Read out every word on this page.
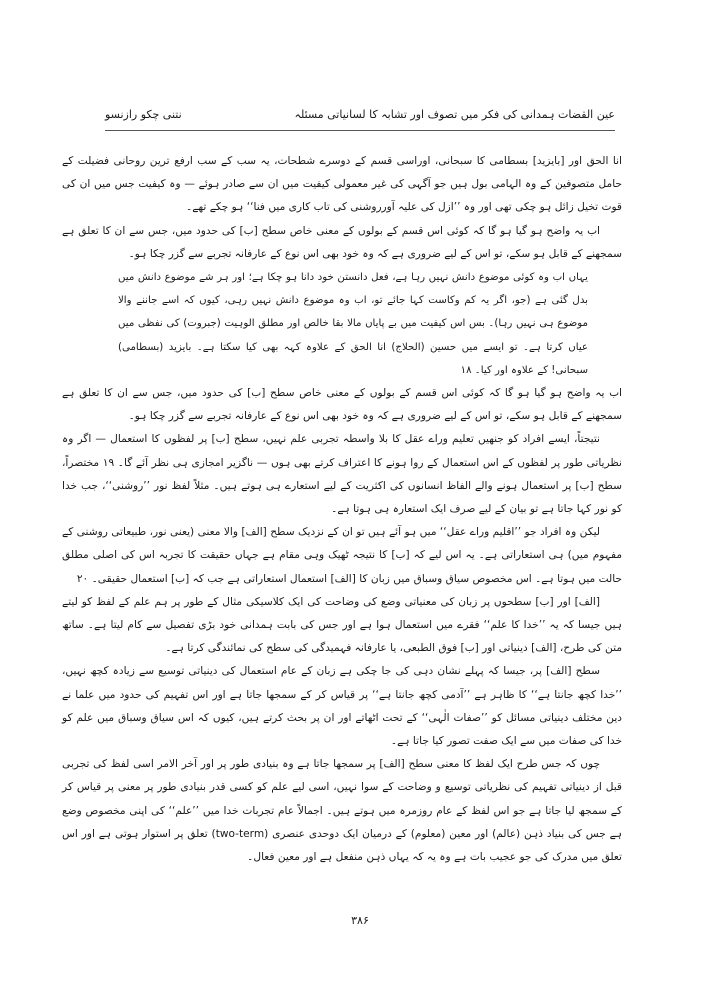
عین القضات ہمدانی کی فکر میں تصوف اور تشابہ کا لسانیاتی مسئلہ
نتنی چکو رازنسو

انا الحق اور [بایزید] بسطامی کا سبحانی، اوراسی قسم کے دوسرے شطحات، یہ سب کے سب ارفع ترین روحانی فضیلت کے حامل متصوفین کے وہ الہامی بول ہیں جو آگہی کی غیر معمولی کیفیت میں ان سے صادر ہوئے — وہ کیفیت جس میں ان کی قوت تخیل زائل ہو چکی تھی اور وہ ’’ازل کی علیہ آورروشنی کی تاب کاری میں فنا‘‘ ہو چکے تھے۔

اب یہ واضح ہو گیا ہو گا کہ کوئی اس قسم کے بولوں کے معنی خاص سطح [ب] کی حدود میں، جس سے ان کا تعلق ہے سمجھنے کے قابل ہو سکے، تو اس کے لیے ضروری ہے کہ وہ خود بھی اس نوع کے عارفانہ تجربے سے گزر چکا ہو۔

یہاں اب وہ کوئی موضوع دانش نہیں رہا ہے، فعل دانستن خود دانا ہو چکا ہے؛ اور ہر شے موضوع دانش میں بدل گئی ہے (جو، اگر یہ کم وکاست کہا جائے تو، اب وہ موضوع دانش نہیں رہی، کیوں کہ اسے جاننے والا موضوع ہی نہیں رہا)۔ بس اس کیفیت میں بے پایاں مالا بقا خالص اور مطلق الوہیت (جبروت) کی نفظی میں عیاں کرتا ہے۔ تو ایسے میں حسین (الحلاج) انا الحق کے علاوہ کہہ بھی کیا سکتا ہے۔ بایزید (بسطامی) سبحانی! کے علاوہ اور کیا۔ ۱۸

اب یہ واضح ہو گیا ہو گا کہ کوئی اس قسم کے بولوں کے معنی خاص سطح [ب] کی حدود میں، جس سے ان کا تعلق ہے سمجھنے کے قابل ہو سکے، تو اس کے لیے ضروری ہے کہ وہ خود بھی اس نوع کے عارفانہ تجربے سے گزر چکا ہو۔

نتیجتاً، ایسے افراد کو جنھیں تعلیم وراے عقل کا بلا واسطہ تجربی علم نہیں، سطح [ب] پر لفظوں کا استعمال — اگر وہ نظریاتی طور پر لفظوں کے اس استعمال کے روا ہونے کا اعتراف کرتے بھی ہوں — ناگزیر امجازی ہی نظر آئے گا۔ ۱۹ مختصراً، سطح [ب] پر استعمال ہونے والے الفاظ انسانوں کی اکثریت کے لیے استعارے ہی ہوتے ہیں۔ مثلاً لفظ نور ’’روشنی‘‘، جب خدا کو نور کہا جاتا ہے تو بیان کے لیے صرف ایک استعارہ ہی ہوتا ہے۔

لیکن وہ افراد جو ’’اقلیم وراے عقل‘‘ میں ہو آئے ہیں تو ان کے نزدیک سطح [الف] والا معنی (یعنی نور، طبیعاتی روشنی کے مفہوم میں) ہی استعاراتی ہے۔ یہ اس لیے کہ [ب] کا نتیجہ ٹھیک وہی مقام ہے جہاں حقیقت کا تجربہ اس کی اصلی مطلق حالت میں ہوتا ہے۔ اس مخصوص سیاق وسباق میں زبان کا [الف] استعمال استعاراتی ہے جب کہ [ب] استعمال حقیقی۔ ۲۰

[الف] اور [ب] سطحوں پر زبان کی معنیاتی وضع کی وضاحت کی ایک کلاسیکی مثال کے طور پر ہم علم کے لفظ کو لیتے ہیں جیسا کہ یہ ’’خدا کا علم‘‘ فقرے میں استعمال ہوا ہے اور جس کی بابت ہمدانی خود بڑی تفصیل سے کام لیتا ہے۔ ساتھ متن کی طرح، [الف] دینیاتی اور [ب] فوق الطبعی، یا عارفانہ فہمیدگی کی سطح کی نمائندگی کرتا ہے۔

سطح [الف] پر، جیسا کہ پہلے نشان دہی کی جا چکی ہے زبان کے عام استعمال کی دینیاتی توسیع سے زیادہ کچھ نہیں، ’’خدا کچھ جانتا ہے‘‘ کا ظاہر ہے ’’آدمی کچھ جانتا ہے‘‘ پر قیاس کر کے سمجھا جاتا ہے اور اس تفہیم کی حدود میں علما نے دین مختلف دینیاتی مسائل کو ’’صفات الٰہی‘‘ کے تحت اٹھاتے اور ان پر بحث کرتے ہیں، کیوں کہ اس سیاق وسباق میں علم کو خدا کی صفات میں سے ایک صفت تصور کیا جاتا ہے۔

چوں کہ جس طرح ایک لفظ کا معنی سطح [الف] پر سمجھا جاتا ہے وہ بنیادی طور پر اور آخر الامر اسی لفظ کی تجربی قبل از دینیاتی تفہیم کی نظریاتی توسیع و وضاحت کے سوا نہیں، اسی لیے علم کو کسی قدر بنیادی طور پر معنی پر قیاس کر کے سمجھ لیا جاتا ہے جو اس لفظ کے عام روزمرہ میں ہوتے ہیں۔ اجمالاً عام تجربات خدا میں ’’علم‘‘ کی اپنی مخصوص وضع ہے جس کی بنیاد ذہن (عالم) اور معین (معلوم) کے درمیان ایک دوحدی عنصری (two-term) تعلق پر استوار ہوتی ہے اور اس تعلق میں مدرک کی جو عجیب بات ہے وہ یہ کہ یہاں ذہن منفعل ہے اور معین فعال۔

۳۸۶
